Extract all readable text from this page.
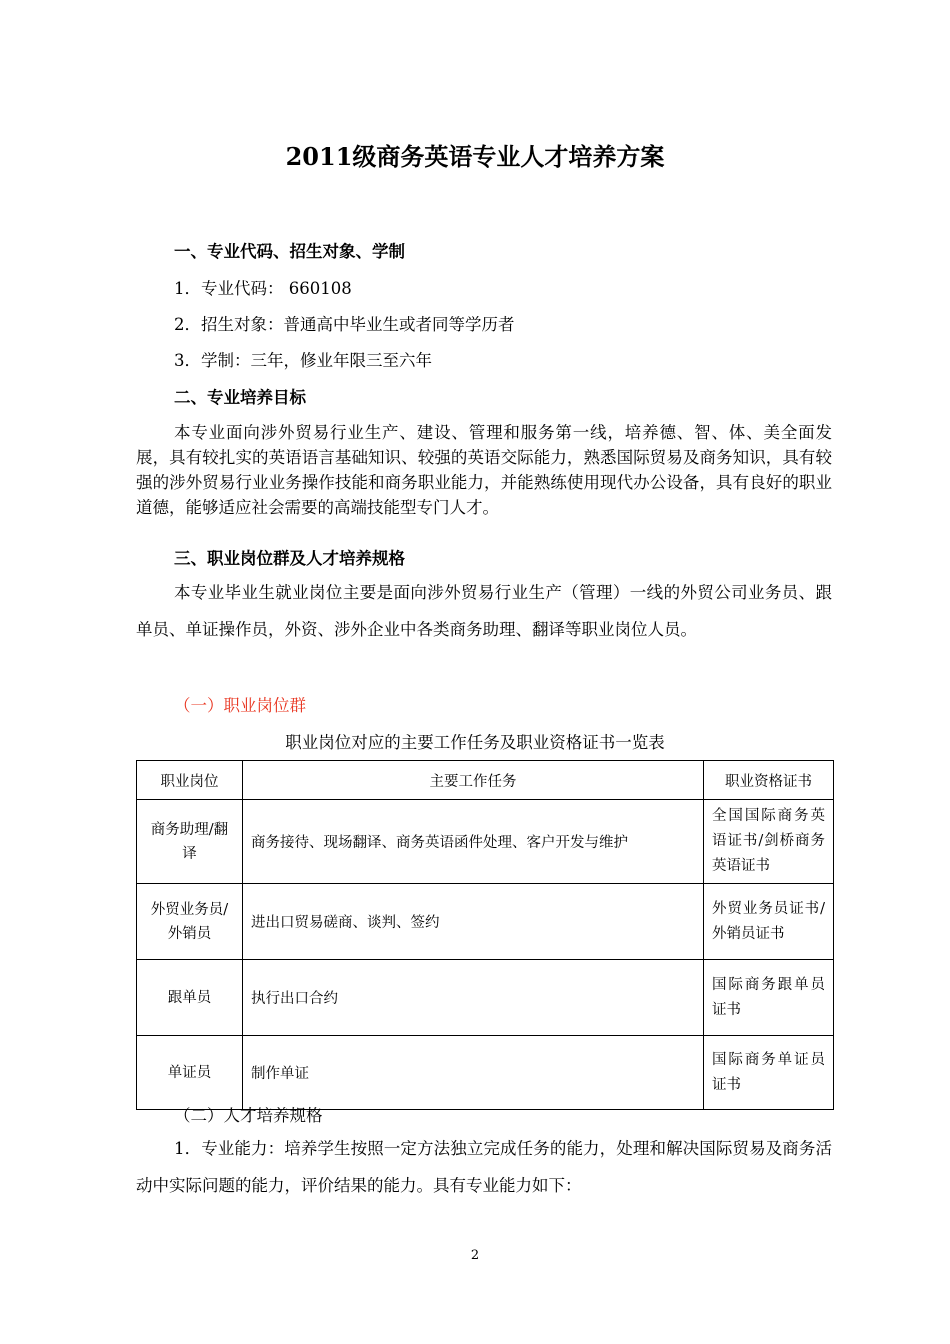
2011级商务英语专业人才培养方案

一、专业代码、招生对象、学制

1．专业代码： 660108

2．招生对象：普通高中毕业生或者同等学历者

3．学制：三年，修业年限三至六年

二、专业培养目标

本专业面向涉外贸易行业生产、建设、管理和服务第一线，培养德、智、体、美全面发展，具有较扎实的英语语言基础知识、较强的英语交际能力，熟悉国际贸易及商务知识，具有较强的涉外贸易行业业务操作技能和商务职业能力，并能熟练使用现代办公设备，具有良好的职业道德，能够适应社会需要的高端技能型专门人才。

三、职业岗位群及人才培养规格

本专业毕业生就业岗位主要是面向涉外贸易行业生产（管理）一线的外贸公司业务员、跟单员、单证操作员，外资、涉外企业中各类商务助理、翻译等职业岗位人员。

（一）职业岗位群

职业岗位对应的主要工作任务及职业资格证书一览表

职业岗位	主要工作任务	职业资格证书
商务助理/翻译	商务接待、现场翻译、商务英语函件处理、客户开发与维护	全国国际商务英语证书/剑桥商务英语证书
外贸业务员/外销员	进出口贸易磋商、谈判、签约	外贸业务员证书/外销员证书
跟单员	执行出口合约	国际商务跟单员证书
单证员	制作单证	国际商务单证员证书

（二）人才培养规格

1．专业能力：培养学生按照一定方法独立完成任务的能力，处理和解决国际贸易及商务活动中实际问题的能力，评价结果的能力。具有专业能力如下：

2
